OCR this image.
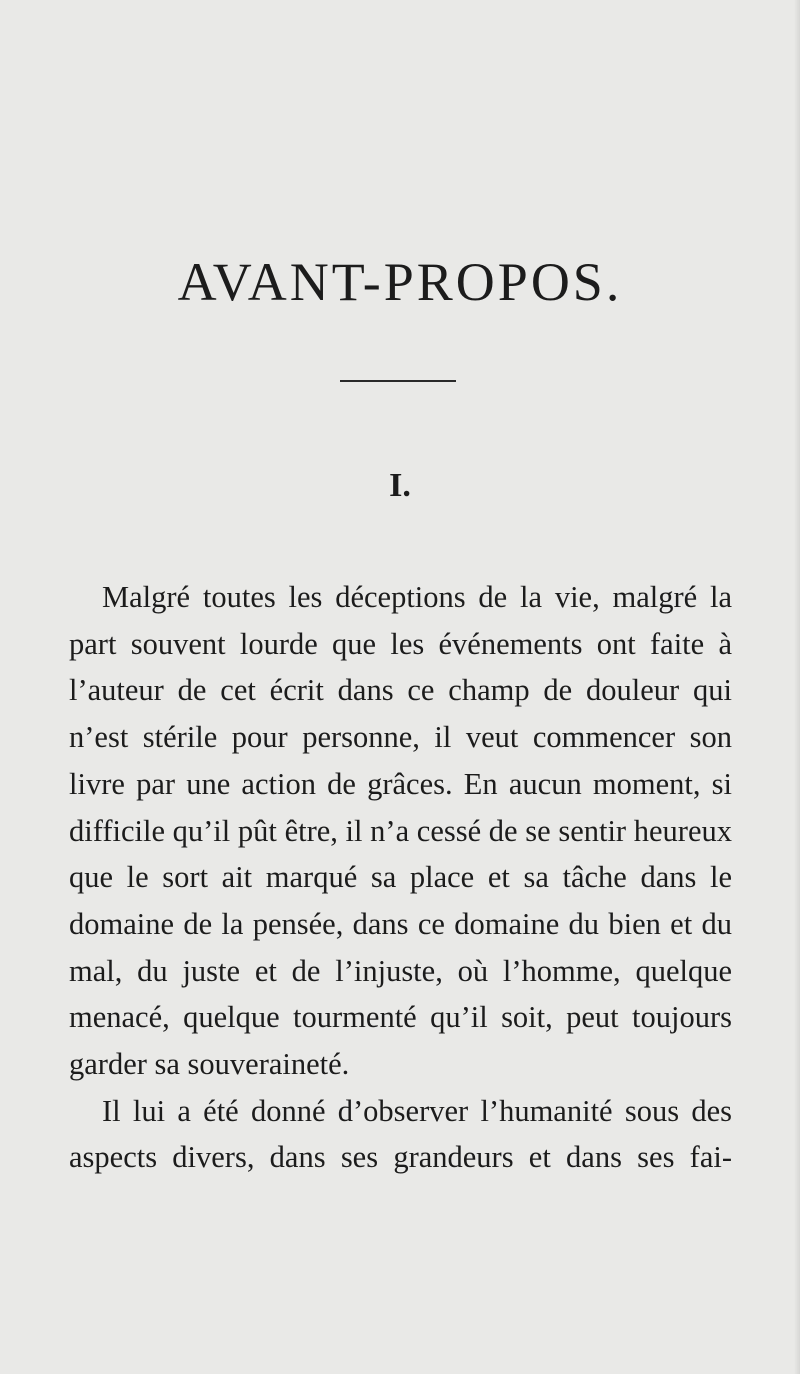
AVANT-PROPOS.
I.

Malgré toutes les déceptions de la vie, malgré la part souvent lourde que les événements ont faite à l’auteur de cet écrit dans ce champ de douleur qui n’est stérile pour personne, il veut commencer son livre par une action de grâces. En aucun moment, si difficile qu’il pût être, il n’a cessé de se sentir heureux que le sort ait marqué sa place et sa tâche dans le domaine de la pensée, dans ce domaine du bien et du mal, du juste et de l’injuste, où l’homme, quelque menacé, quelque tourmenté qu’il soit, peut toujours garder sa souveraineté.

Il lui a été donné d’observer l’humanité sous des aspects divers, dans ses grandeurs et dans ses fai-
